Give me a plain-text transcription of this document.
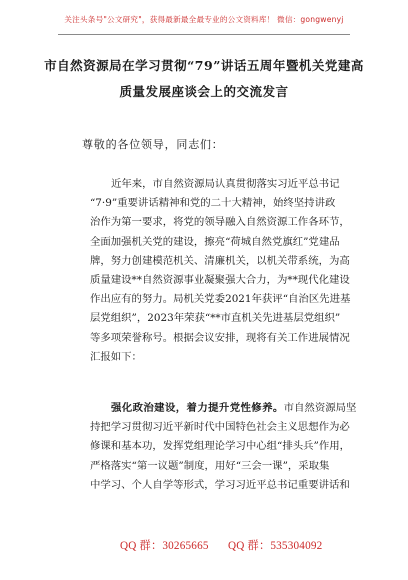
关注头条号"公文研究"，获得最新最全最专业的公文资料库！ 微信：gongwenyj
市自然资源局在学习贯彻“79”讲话五周年暨机关党建高
质量发展座谈会上的交流发言
尊敬的各位领导，同志们：
近年来，市自然资源局认真贯彻落实习近平总书记
“7·9”重要讲话精神和党的二十大精神，始终坚持讲政
治作为第一要求，将党的领导融入自然资源工作各环节，
全面加强机关党的建设，擦亮“荷城自然党旗红”党建品
牌，努力创建模范机关、清廉机关，以机关带系统，为高
质量建设**自然资源事业凝聚强大合力，为**现代化建设
作出应有的努力。局机关党委2021年获评“自治区先进基
层党组织”，2023年荣获“**市直机关先进基层党组织”
等多项荣誉称号。根据会议安排，现将有关工作进展情况
汇报如下：
强化政治建设，着力提升党性修养。市自然资源局坚
持把学习贯彻习近平新时代中国特色社会主义思想作为必
修课和基本功，发挥党组理论学习中心组“排头兵”作用，
严格落实“第一议题”制度，用好“三会一课”，采取集
中学习、个人自学等形式，学习习近平总书记重要讲话和
QQ 群：30265665 QQ 群：535304092
